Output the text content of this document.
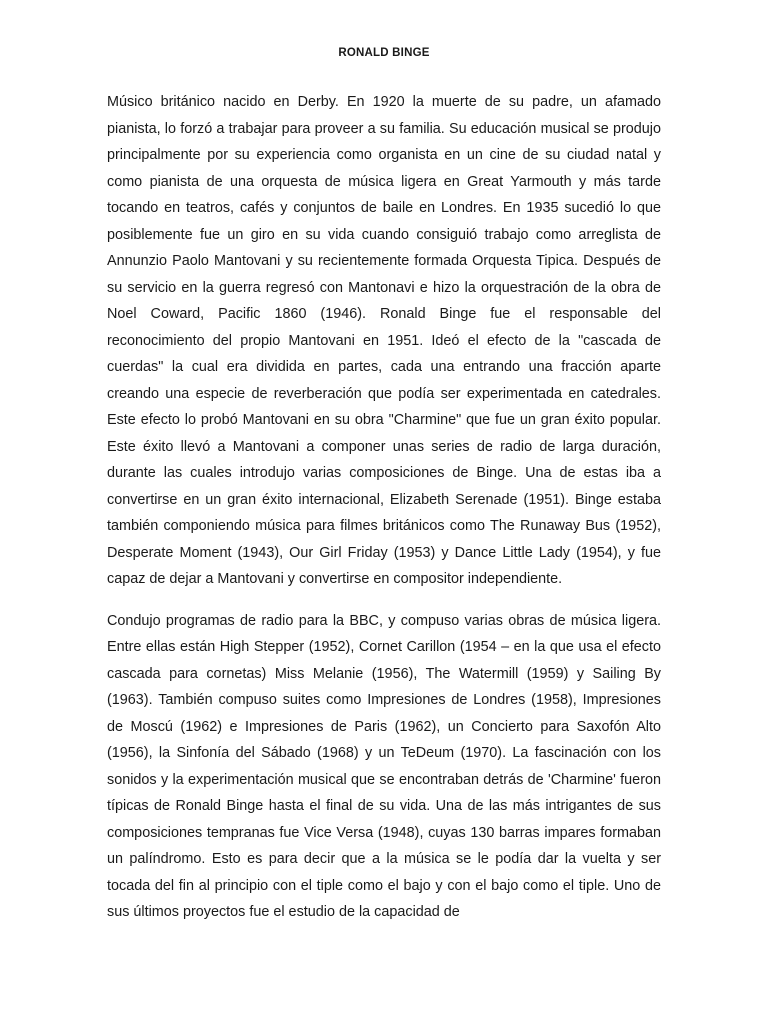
RONALD BINGE

Músico británico nacido en Derby. En 1920 la muerte de su padre, un afamado pianista, lo forzó a trabajar para proveer a su familia. Su educación musical se produjo principalmente por su experiencia como organista en un cine de su ciudad natal y como pianista de una orquesta de música ligera en Great Yarmouth y más tarde tocando en teatros, cafés y conjuntos de baile en Londres. En 1935 sucedió lo que posiblemente fue un giro en su vida cuando consiguió trabajo como arreglista de Annunzio Paolo Mantovani y su recientemente formada Orquesta Tipica. Después de su servicio en la guerra regresó con Mantonavi e hizo la orquestración de la obra de Noel Coward, Pacific 1860 (1946). Ronald Binge fue el responsable del reconocimiento del propio Mantovani en 1951. Ideó el efecto de la "cascada de cuerdas" la cual era dividida en partes, cada una entrando una fracción aparte creando una especie de reverberación que podía ser experimentada en catedrales. Este efecto lo probó Mantovani en su obra "Charmine" que fue un gran éxito popular. Este éxito llevó a Mantovani a componer unas series de radio de larga duración, durante las cuales introdujo varias composiciones de Binge. Una de estas iba a convertirse en un gran éxito internacional, Elizabeth Serenade (1951). Binge estaba también componiendo música para filmes británicos como The Runaway Bus (1952), Desperate Moment (1943), Our Girl Friday (1953) y Dance Little Lady (1954), y fue capaz de dejar a Mantovani y convertirse en compositor independiente.

Condujo programas de radio para la BBC, y compuso varias obras de música ligera. Entre ellas están High Stepper (1952), Cornet Carillon (1954 – en la que usa el efecto cascada para cornetas) Miss Melanie (1956), The Watermill (1959) y Sailing By (1963). También compuso suites como Impresiones de Londres (1958), Impresiones de Moscú (1962) e Impresiones de Paris (1962), un Concierto para Saxofón Alto (1956), la Sinfonía del Sábado (1968) y un TeDeum (1970). La fascinación con los sonidos y la experimentación musical que se encontraban detrás de 'Charmine' fueron típicas de Ronald Binge hasta el final de su vida. Una de las más intrigantes de sus composiciones tempranas fue Vice Versa (1948), cuyas 130 barras impares formaban un palíndromo. Esto es para decir que a la música se le podía dar la vuelta y ser tocada del fin al principio con el tiple como el bajo y con el bajo como el tiple. Uno de sus últimos proyectos fue el estudio de la capacidad de
